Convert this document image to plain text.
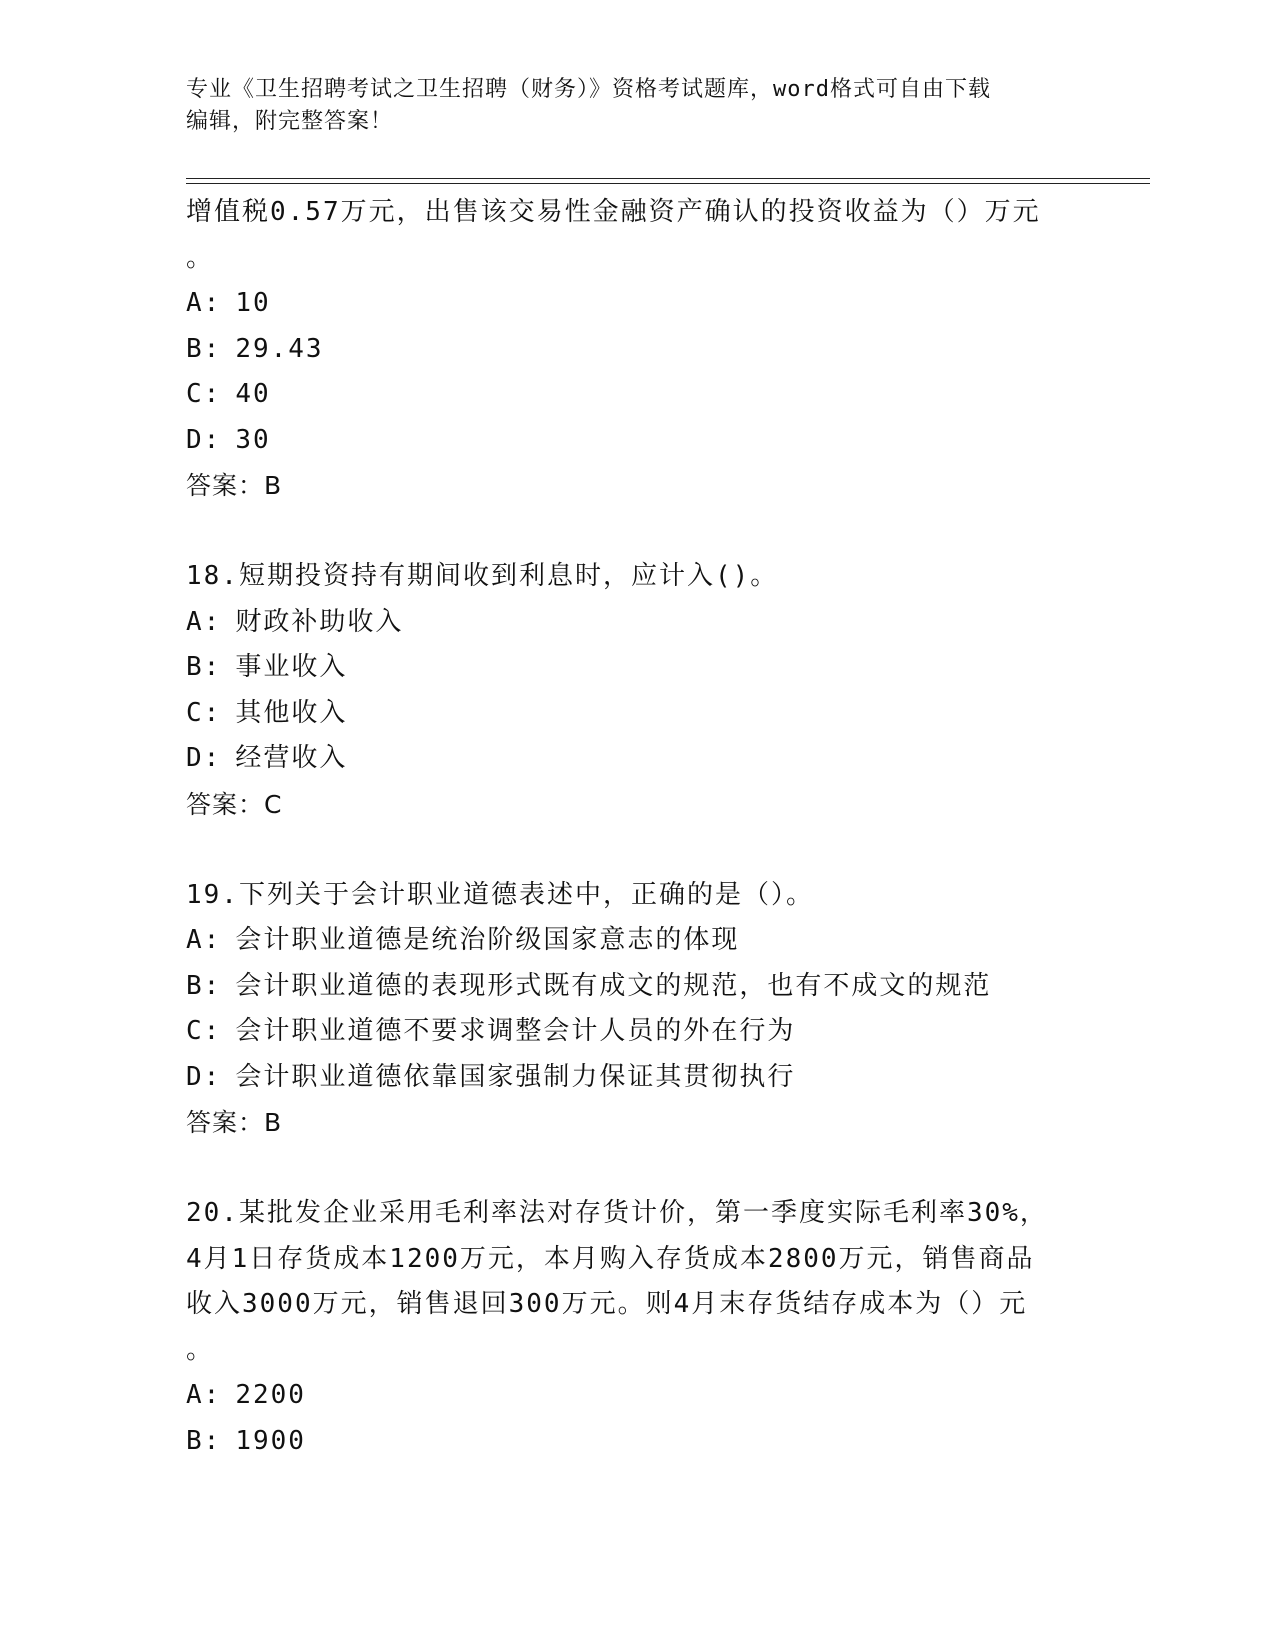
专业《卫生招聘考试之卫生招聘（财务）》资格考试题库，word格式可自由下载
编辑，附完整答案！
增值税0.57万元，出售该交易性金融资产确认的投资收益为（）万元
。
A: 10
B: 29.43
C: 40
D: 30
答案：B
18.短期投资持有期间收到利息时，应计入()。
A: 财政补助收入
B: 事业收入
C: 其他收入
D: 经营收入
答案：C
19.下列关于会计职业道德表述中，正确的是（）。
A: 会计职业道德是统治阶级国家意志的体现
B: 会计职业道德的表现形式既有成文的规范，也有不成文的规范
C: 会计职业道德不要求调整会计人员的外在行为
D: 会计职业道德依靠国家强制力保证其贯彻执行
答案：B
20.某批发企业采用毛利率法对存货计价，第一季度实际毛利率30%，
4月1日存货成本1200万元，本月购入存货成本2800万元，销售商品
收入3000万元，销售退回300万元。则4月末存货结存成本为（）元
。
A: 2200
B: 1900
